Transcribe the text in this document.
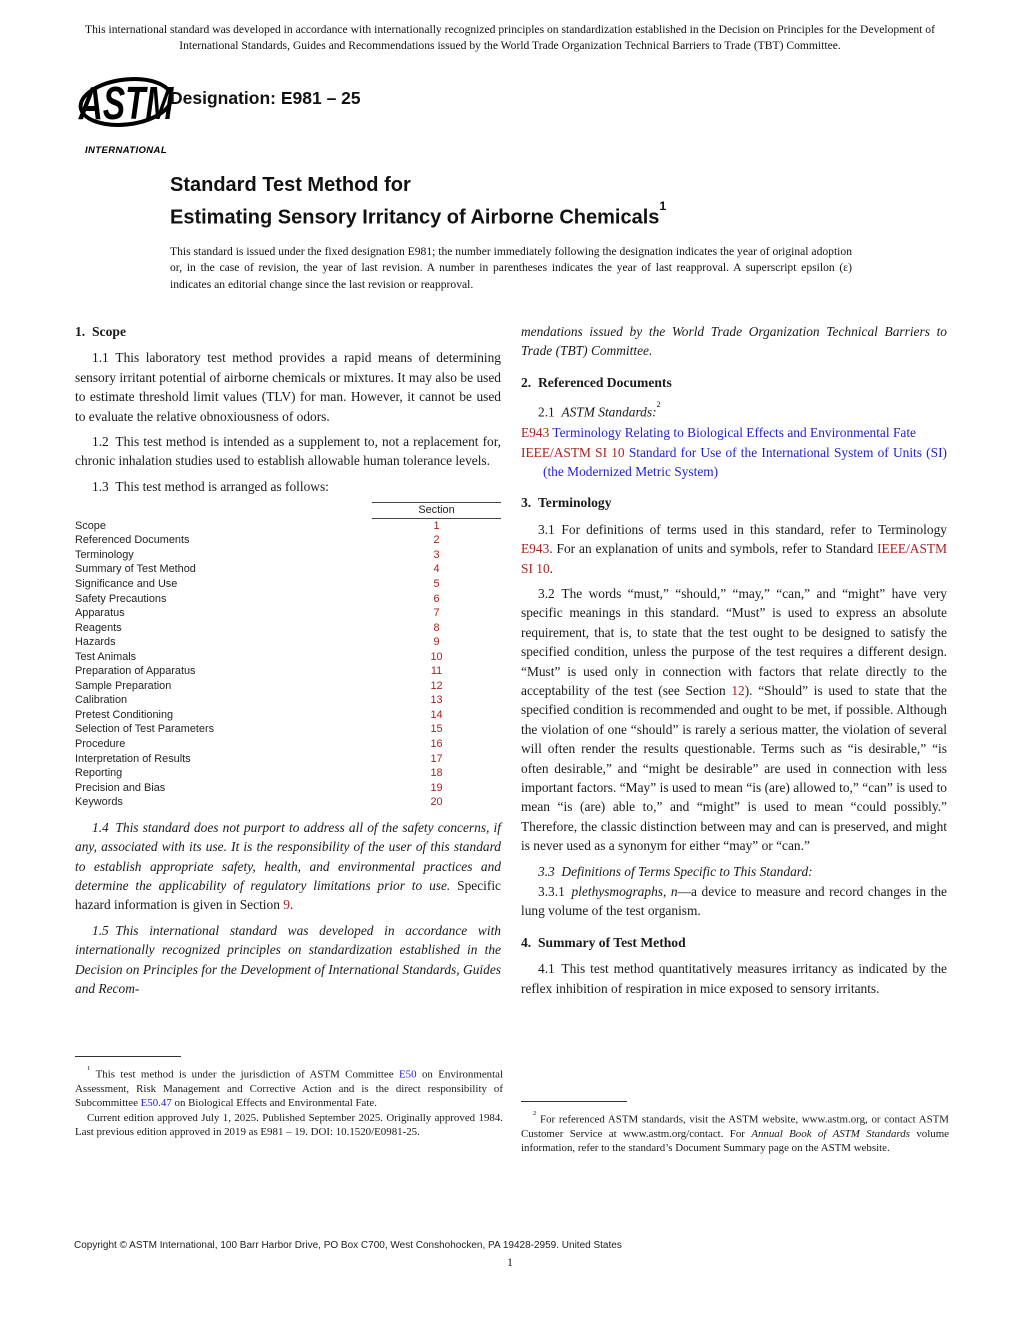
This international standard was developed in accordance with internationally recognized principles on standardization established in the Decision on Principles for the Development of International Standards, Guides and Recommendations issued by the World Trade Organization Technical Barriers to Trade (TBT) Committee.
ASTM
INTERNATIONAL
Designation: E981 – 25
Standard Test Method for
Estimating Sensory Irritancy of Airborne Chemicals$^1$
This standard is issued under the fixed designation E981; the number immediately following the designation indicates the year of original adoption or, in the case of revision, the year of last revision. A number in parentheses indicates the year of last reapproval. A superscript epsilon (ε) indicates an editorial change since the last revision or reapproval.
1. Scope

1.1 This laboratory test method provides a rapid means of determining sensory irritant potential of airborne chemicals or mixtures. It may also be used to estimate threshold limit values (TLV) for man. However, it cannot be used to evaluate the relative obnoxiousness of odors.

1.2 This test method is intended as a supplement to, not a replacement for, chronic inhalation studies used to establish allowable human tolerance levels.

1.3 This test method is arranged as follows:

Section
Scope	1
Referenced Documents	2
Terminology	3
Summary of Test Method	4
Significance and Use	5
Safety Precautions	6
Apparatus	7
Reagents	8
Hazards	9
Test Animals	10
Preparation of Apparatus	11
Sample Preparation	12
Calibration	13
Pretest Conditioning	14
Selection of Test Parameters	15
Procedure	16
Interpretation of Results	17
Reporting	18
Precision and Bias	19
Keywords	20

1.4 This standard does not purport to address all of the safety concerns, if any, associated with its use. It is the responsibility of the user of this standard to establish appropriate safety, health, and environmental practices and determine the applicability of regulatory limitations prior to use. Specific hazard information is given in Section 9.

1.5 This international standard was developed in accordance with internationally recognized principles on standardization established in the Decision on Principles for the Development of International Standards, Guides and Recom-

mendations issued by the World Trade Organization Technical Barriers to Trade (TBT) Committee.

2. Referenced Documents

2.1 ASTM Standards:$^2$

E943 Terminology Relating to Biological Effects and Environmental Fate

IEEE/ASTM SI 10 Standard for Use of the International System of Units (SI) (the Modernized Metric System)

3. Terminology

3.1 For definitions of terms used in this standard, refer to Terminology E943. For an explanation of units and symbols, refer to Standard IEEE/ASTM SI 10.

3.2 The words “must,” “should,” “may,” “can,” and “might” have very specific meanings in this standard. “Must” is used to express an absolute requirement, that is, to state that the test ought to be designed to satisfy the specified condition, unless the purpose of the test requires a different design. “Must” is used only in connection with factors that relate directly to the acceptability of the test (see Section 12). “Should” is used to state that the specified condition is recommended and ought to be met, if possible. Although the violation of one “should” is rarely a serious matter, the violation of several will often render the results questionable. Terms such as “is desirable,” “is often desirable,” and “might be desirable” are used in connection with less important factors. “May” is used to mean “is (are) allowed to,” “can” is used to mean “is (are) able to,” and “might” is used to mean “could possibly.” Therefore, the classic distinction between may and can is preserved, and might is never used as a synonym for either “may” or “can.”

3.3 Definitions of Terms Specific to This Standard:

3.3.1 plethysmographs, n—a device to measure and record changes in the lung volume of the test organism.

4. Summary of Test Method

4.1 This test method quantitatively measures irritancy as indicated by the reflex inhibition of respiration in mice exposed to sensory irritants.

$^1$ This test method is under the jurisdiction of ASTM Committee E50 on Environmental Assessment, Risk Management and Corrective Action and is the direct responsibility of Subcommittee E50.47 on Biological Effects and Environmental Fate.

Current edition approved July 1, 2025. Published September 2025. Originally approved 1984. Last previous edition approved in 2019 as E981 – 19. DOI: 10.1520/E0981-25.

$^2$ For referenced ASTM standards, visit the ASTM website, www.astm.org, or contact ASTM Customer Service at www.astm.org/contact. For Annual Book of ASTM Standards volume information, refer to the standard’s Document Summary page on the ASTM website.

Copyright © ASTM International, 100 Barr Harbor Drive, PO Box C700, West Conshohocken, PA 19428-2959. United States
1
